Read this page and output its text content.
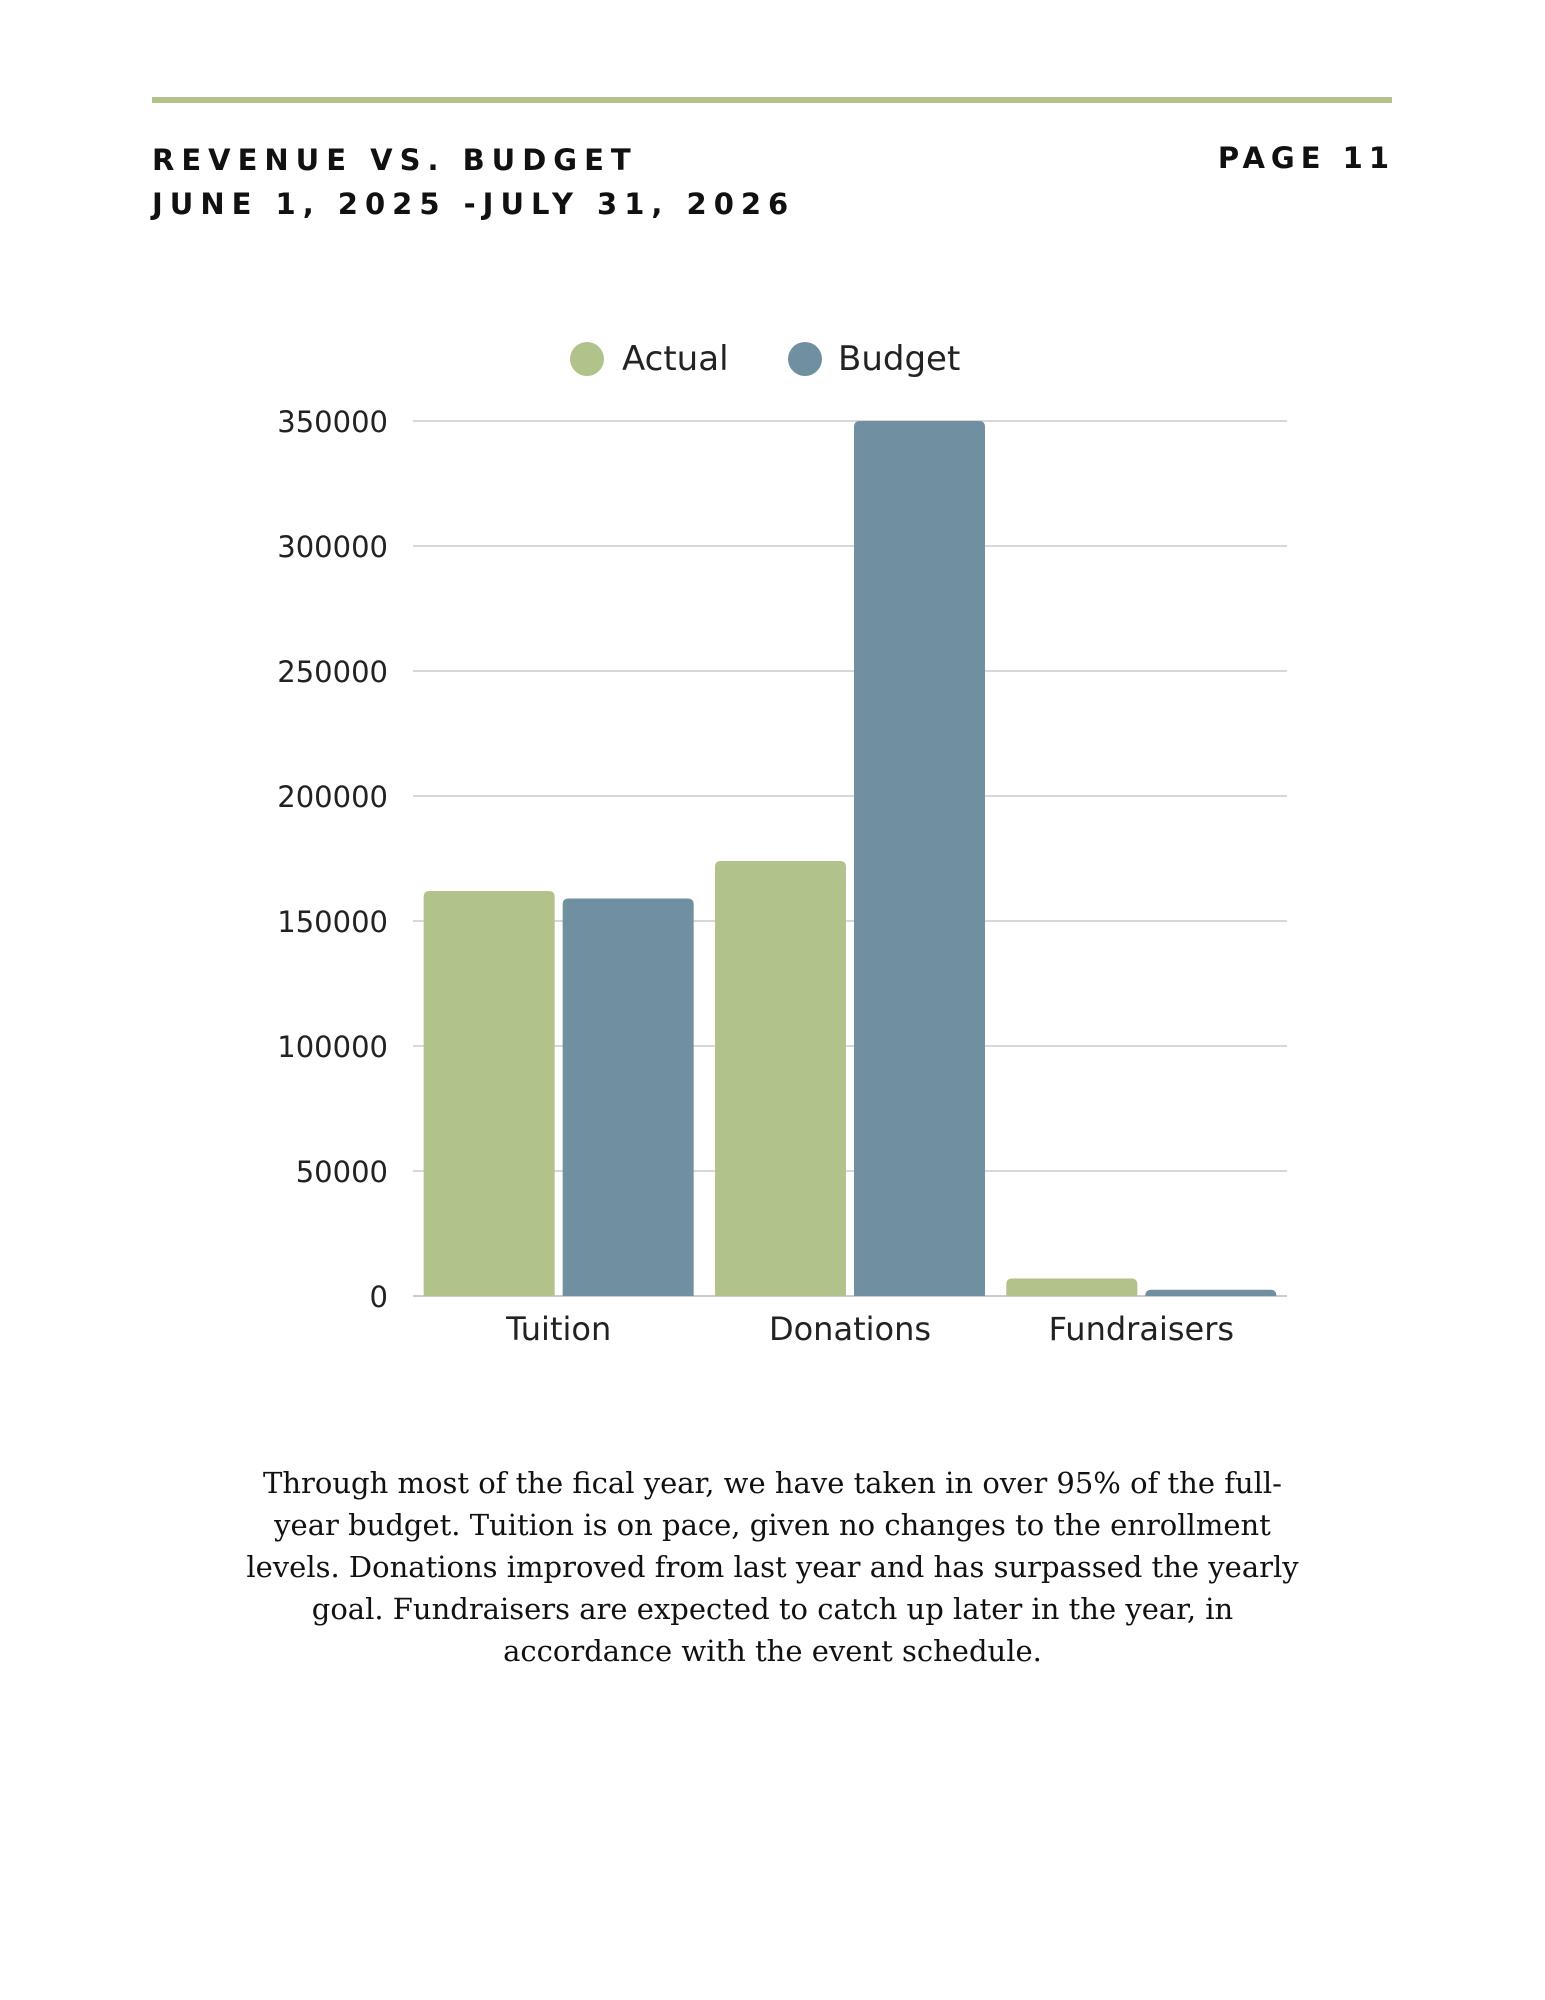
REVENUE VS. BUDGET
JUNE 1, 2025 -JULY 31, 2026
PAGE 11
0
50000
100000
150000
200000
250000
300000
350000
Tuition	Donations	Fundraisers
Actual	Budget

Through most of the fical year, we have taken in over 95% of the full-year budget. Tuition is on pace, given no changes to the enrollment levels. Donations improved from last year and has surpassed the yearly goal. Fundraisers are expected to catch up later in the year, in accordance with the event schedule.
